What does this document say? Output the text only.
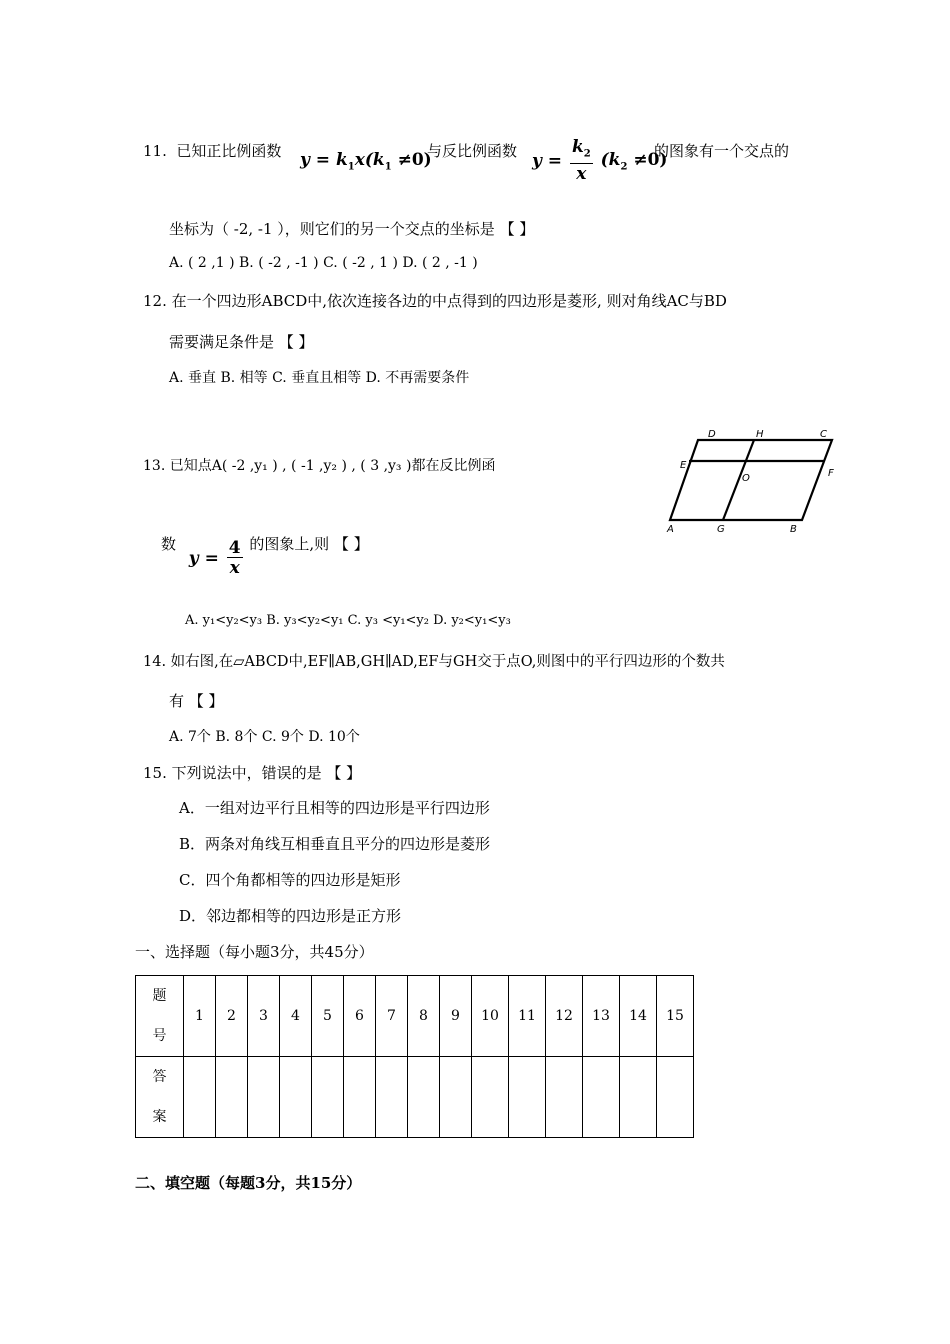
11. 已知正比例函数 $y = k_1x(k_1 \ne 0)$
与反比例函数
$y = \frac{k_2}{x} (k_2 \ne 0)$
的图象有一个交点的
坐标为（ -2, -1 ），则它们的另一个交点的坐标是 【 】
A. ( 2 ,1 ) B. ( -2 , -1 ) C. ( -2 , 1 ) D. ( 2 , -1 )
12. 在一个四边形ABCD中,依次连接各边的中点得到的四边形是菱形, 则对角线AC与BD
需要满足条件是 【 】
A. 垂直 B. 相等 C. 垂直且相等 D. 不再需要条件
13. 已知点A( -2 ,y₁ ) , ( -1 ,y₂ ) , ( 3 ,y₃ )都在反比例函
数 $y = \frac{4}{x}$ 的图象上,则 【 】
A. y₁<y₂<y₃ B. y₃<y₂<y₁ C. y₃ <y₁<y₂ D. y₂<y₁<y₃
D	H	C
E
O	F
A	G	B
14. 如右图,在▱ABCD中,EF∥AB,GH∥AD,EF与GH交于点O,则图中的平行四边形的个数共
有 【 】
A. 7个 B. 8个 C. 9个 D. 10个
15. 下列说法中，错误的是 【 】
A．一组对边平行且相等的四边形是平行四边形
B．两条对角线互相垂直且平分的四边形是菱形
C．四个角都相等的四边形是矩形
D．邻边都相等的四边形是正方形
一、选择题（每小题3分，共45分）
题
号	1	2	3	4	5	6	7	8	9	10	11	12	13	14	15
答
案															
二、填空题（每题3分，共15分）
